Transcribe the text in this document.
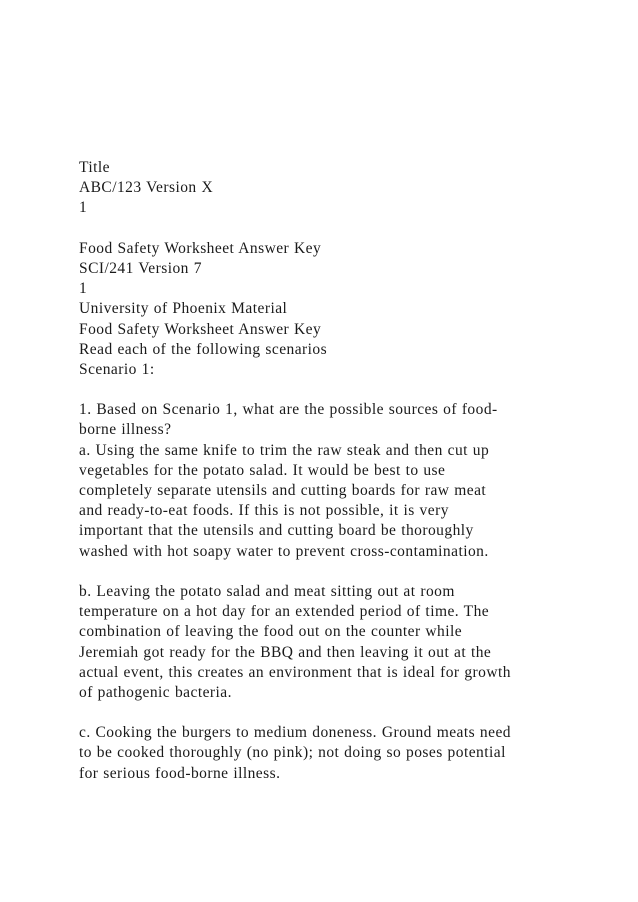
Title
ABC/123 Version X
1
Food Safety Worksheet Answer Key
SCI/241 Version 7
1
University of Phoenix Material
Food Safety Worksheet Answer Key
Read each of the following scenarios
Scenario 1:
1. Based on Scenario 1, what are the possible sources of food-
borne illness?
a. Using the same knife to trim the raw steak and then cut up
vegetables for the potato salad. It would be best to use
completely separate utensils and cutting boards for raw meat
and ready-to-eat foods. If this is not possible, it is very
important that the utensils and cutting board be thoroughly
washed with hot soapy water to prevent cross-contamination.
b. Leaving the potato salad and meat sitting out at room
temperature on a hot day for an extended period of time. The
combination of leaving the food out on the counter while
Jeremiah got ready for the BBQ and then leaving it out at the
actual event, this creates an environment that is ideal for growth
of pathogenic bacteria.
c. Cooking the burgers to medium doneness. Ground meats need
to be cooked thoroughly (no pink); not doing so poses potential
for serious food-borne illness.
